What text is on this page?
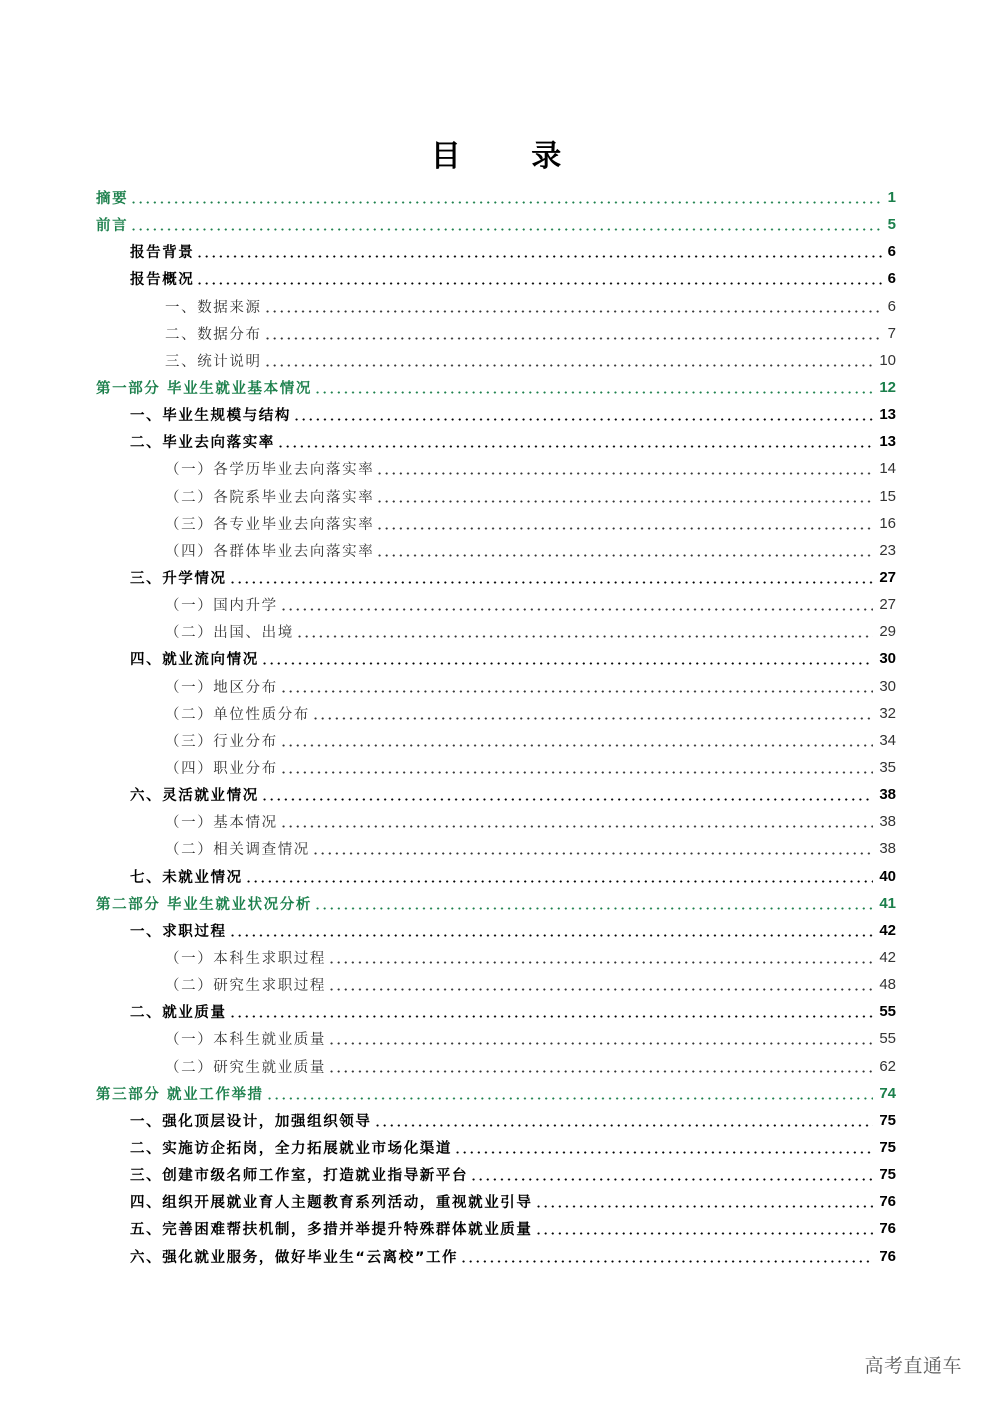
目 录
摘要	1
前言	5
报告背景	6
报告概况	6
一、数据来源	6
二、数据分布	7
三、统计说明	10
第一部分 毕业生就业基本情况	12
一、毕业生规模与结构	13
二、毕业去向落实率	13
（一）各学历毕业去向落实率	14
（二）各院系毕业去向落实率	15
（三）各专业毕业去向落实率	16
（四）各群体毕业去向落实率	23
三、升学情况	27
（一）国内升学	27
（二）出国、出境	29
四、就业流向情况	30
（一）地区分布	30
（二）单位性质分布	32
（三）行业分布	34
（四）职业分布	35
六、灵活就业情况	38
（一）基本情况	38
（二）相关调查情况	38
七、未就业情况	40
第二部分 毕业生就业状况分析	41
一、求职过程	42
（一）本科生求职过程	42
（二）研究生求职过程	48
二、就业质量	55
（一）本科生就业质量	55
（二）研究生就业质量	62
第三部分 就业工作举措	74
一、强化顶层设计，加强组织领导	75
二、实施访企拓岗，全力拓展就业市场化渠道	75
三、创建市级名师工作室，打造就业指导新平台	75
四、组织开展就业育人主题教育系列活动，重视就业引导	76
五、完善困难帮扶机制，多措并举提升特殊群体就业质量	76
六、强化就业服务，做好毕业生“云离校”工作	76
高考直通车
